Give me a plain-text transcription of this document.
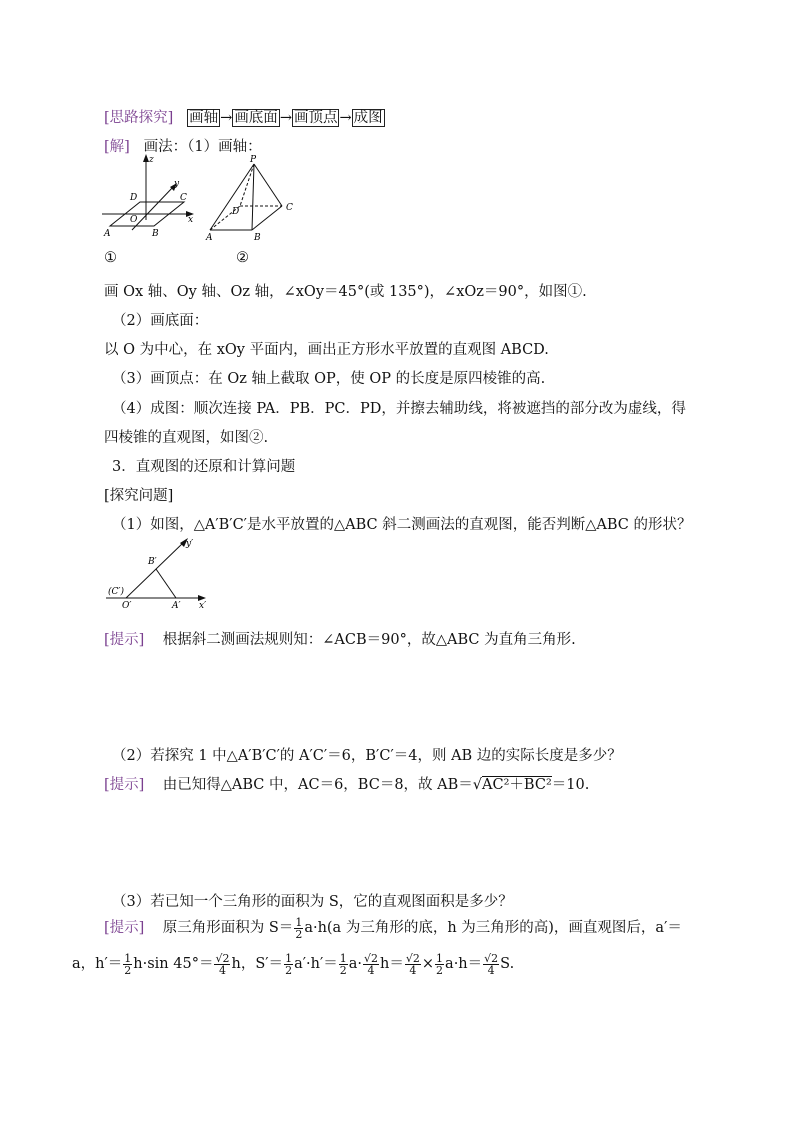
[思路探究] 画轴 → 画底面 → 画顶点 → 成图
[解] 画法：（1）画轴：
z
y
x
D	C
O
A	B
P
D	C
A	B
①	②
画 Ox 轴、Oy 轴、Oz 轴，∠xOy＝45°(或 135°)，∠xOz＝90°，如图①.
（2）画底面：
以 O 为中心，在 xOy 平面内，画出正方形水平放置的直观图 ABCD.
（3）画顶点：在 Oz 轴上截取 OP，使 OP 的长度是原四棱锥的高.
（4）成图：顺次连接 PA．PB．PC．PD，并擦去辅助线，将被遮挡的部分改为虚线，得
四棱锥的直观图，如图②.
3．直观图的还原和计算问题
[探究问题]
（1）如图，△A′B′C′是水平放置的△ABC 斜二测画法的直观图，能否判断△ABC 的形状？
x′
y′
B′
(C′)
O′	A′
[提示] 根据斜二测画法规则知：∠ACB＝90°，故△ABC 为直角三角形.
（2）若探究 1 中△A′B′C′的 A′C′＝6，B′C′＝4，则 AB 边的实际长度是多少？
[提示] 由已知得△ABC 中，AC＝6，BC＝8，故 AB＝√AC²＋BC²＝10.
（3）若已知一个三角形的面积为 S，它的直观图面积是多少？
[提示] 原三角形面积为 $S= \frac{1}{2} a\cdot h(a$ 为三角形的底，h 为三角形的高)，画直观图后，a′＝
a，$h'= \frac{1}{2} h\cdot\sin$ $45^\circ= \frac{√2}{4}$ h，$S'= \frac{1}{2} a'\cdot h'= \frac{1}{2} a\cdot \frac{√2}{4} h= \frac{√2}{4} \times \frac{1}{2} a\cdot h= \frac{√2}{4} S$.
